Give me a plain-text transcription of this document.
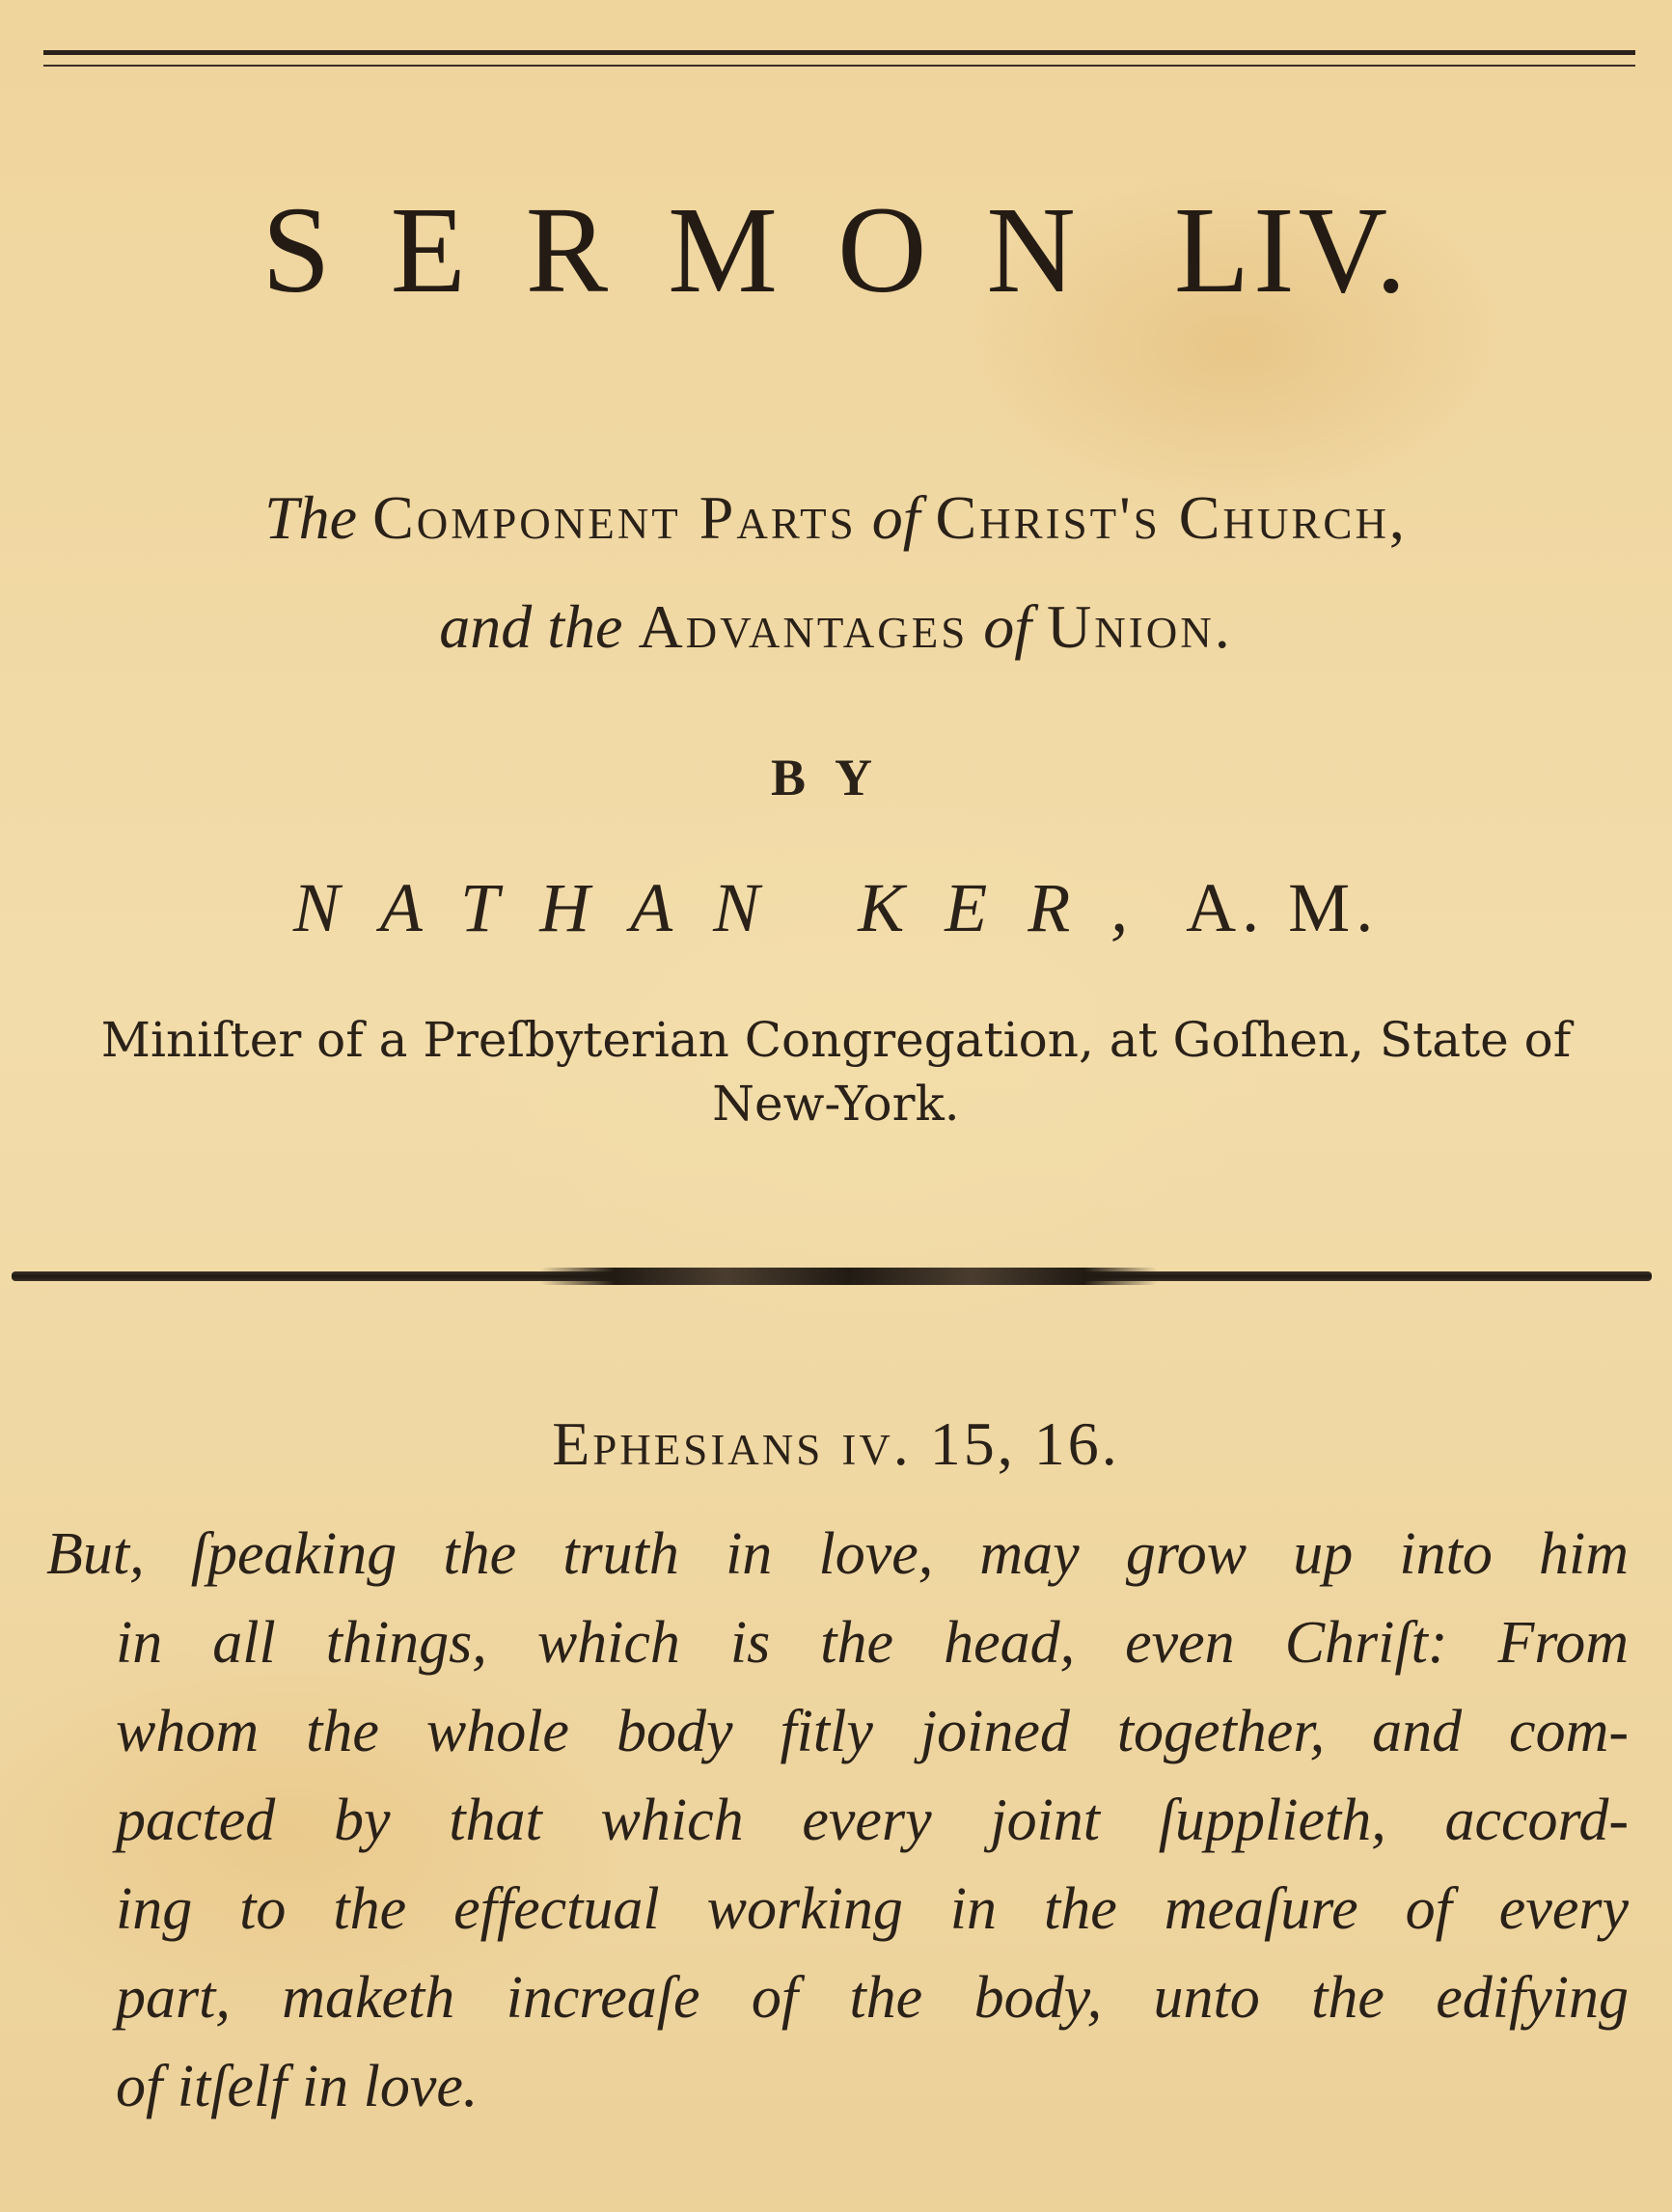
SERMON LIV.
The Component Parts of Christ's Church,
and the Advantages of Union.
BY
NATHAN KER, A. M.
Miniſter of a Preſbyterian Congregation, at Goſhen, State of New-York.
Ephesians iv. 15, 16.
But, ſpeaking the truth in love, may grow up into him
in all things, which is the head, even Chriſt: From
whom the whole body fitly joined together, and com-
pacted by that which every joint ſupplieth, accord-
ing to the effectual working in the meaſure of every
part, maketh increaſe of the body, unto the edifying
of itſelf in love.
